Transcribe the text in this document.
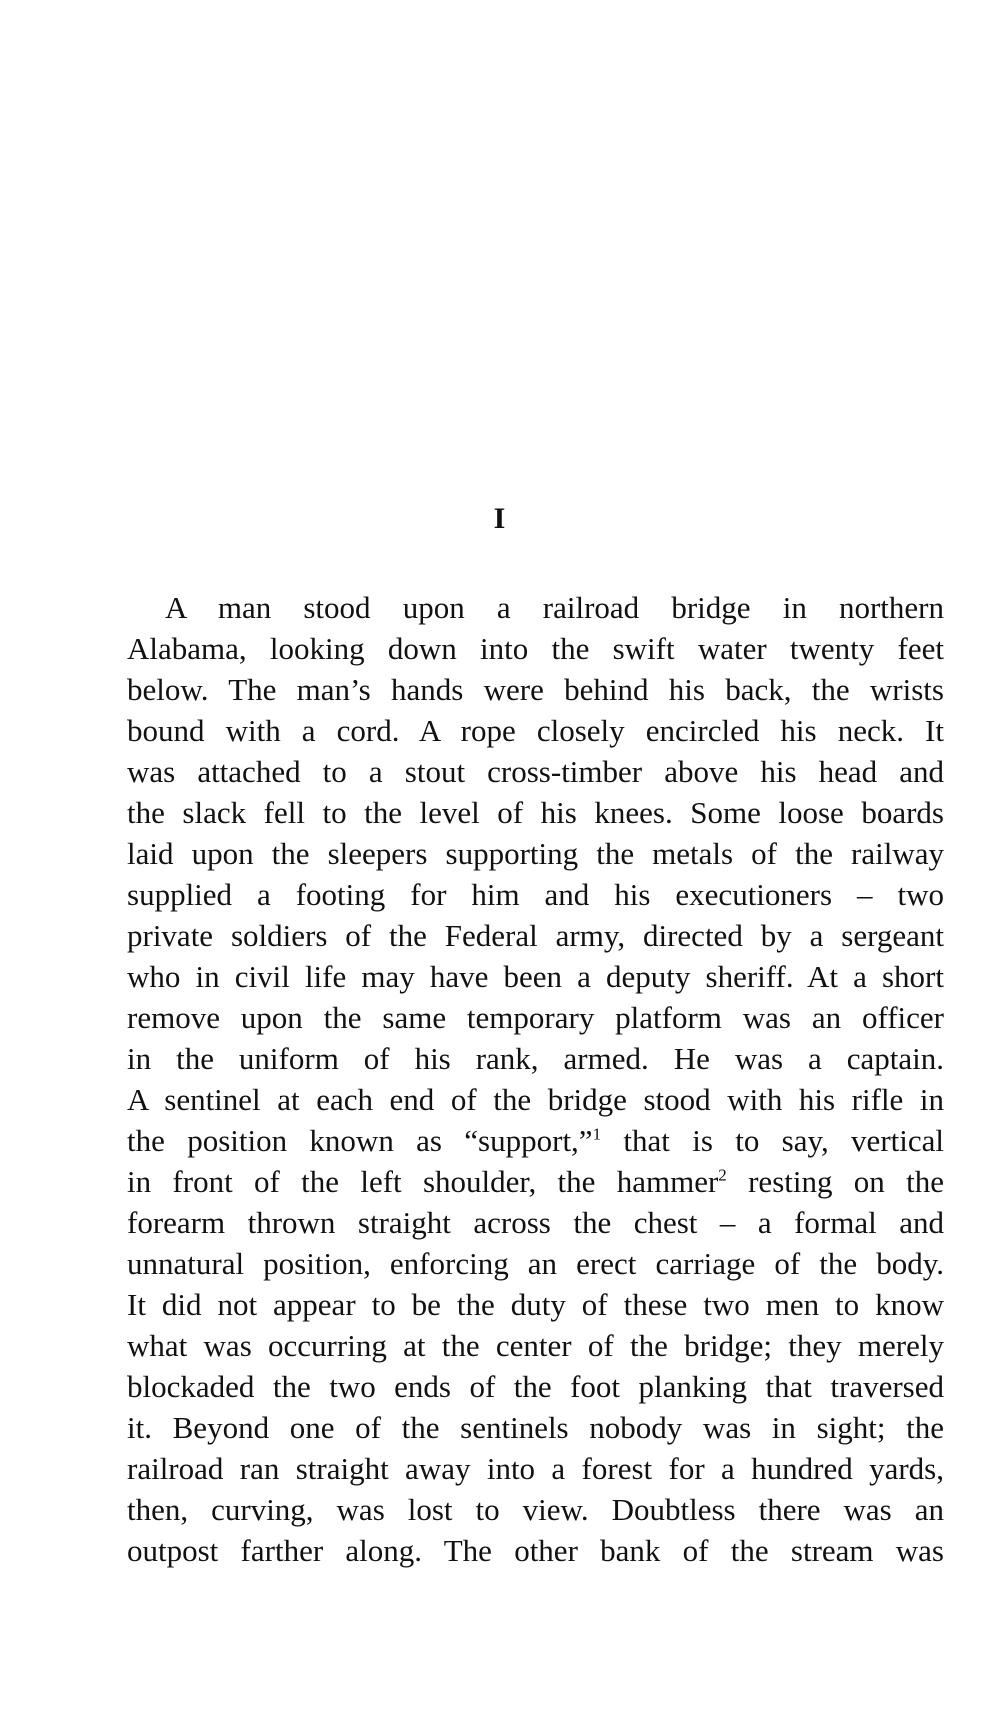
I
A man stood upon a railroad bridge in northern
Alabama, looking down into the swift water twenty feet
below. The man’s hands were behind his back, the wrists
bound with a cord. A rope closely encircled his neck. It
was attached to a stout cross-timber above his head and
the slack fell to the level of his knees. Some loose boards
laid upon the sleepers supporting the metals of the railway
supplied a footing for him and his executioners – two
private soldiers of the Federal army, directed by a sergeant
who in civil life may have been a deputy sheriff. At a short
remove upon the same temporary platform was an officer
in the uniform of his rank, armed. He was a captain.
A sentinel at each end of the bridge stood with his rifle in
the position known as “support,”$^1$ that is to say, vertical
in front of the left shoulder, the hammer$^2$ resting on the
forearm thrown straight across the chest – a formal and
unnatural position, enforcing an erect carriage of the body.
It did not appear to be the duty of these two men to know
what was occurring at the center of the bridge; they merely
blockaded the two ends of the foot planking that traversed
it. Beyond one of the sentinels nobody was in sight; the
railroad ran straight away into a forest for a hundred yards,
then, curving, was lost to view. Doubtless there was an
outpost farther along. The other bank of the stream was
